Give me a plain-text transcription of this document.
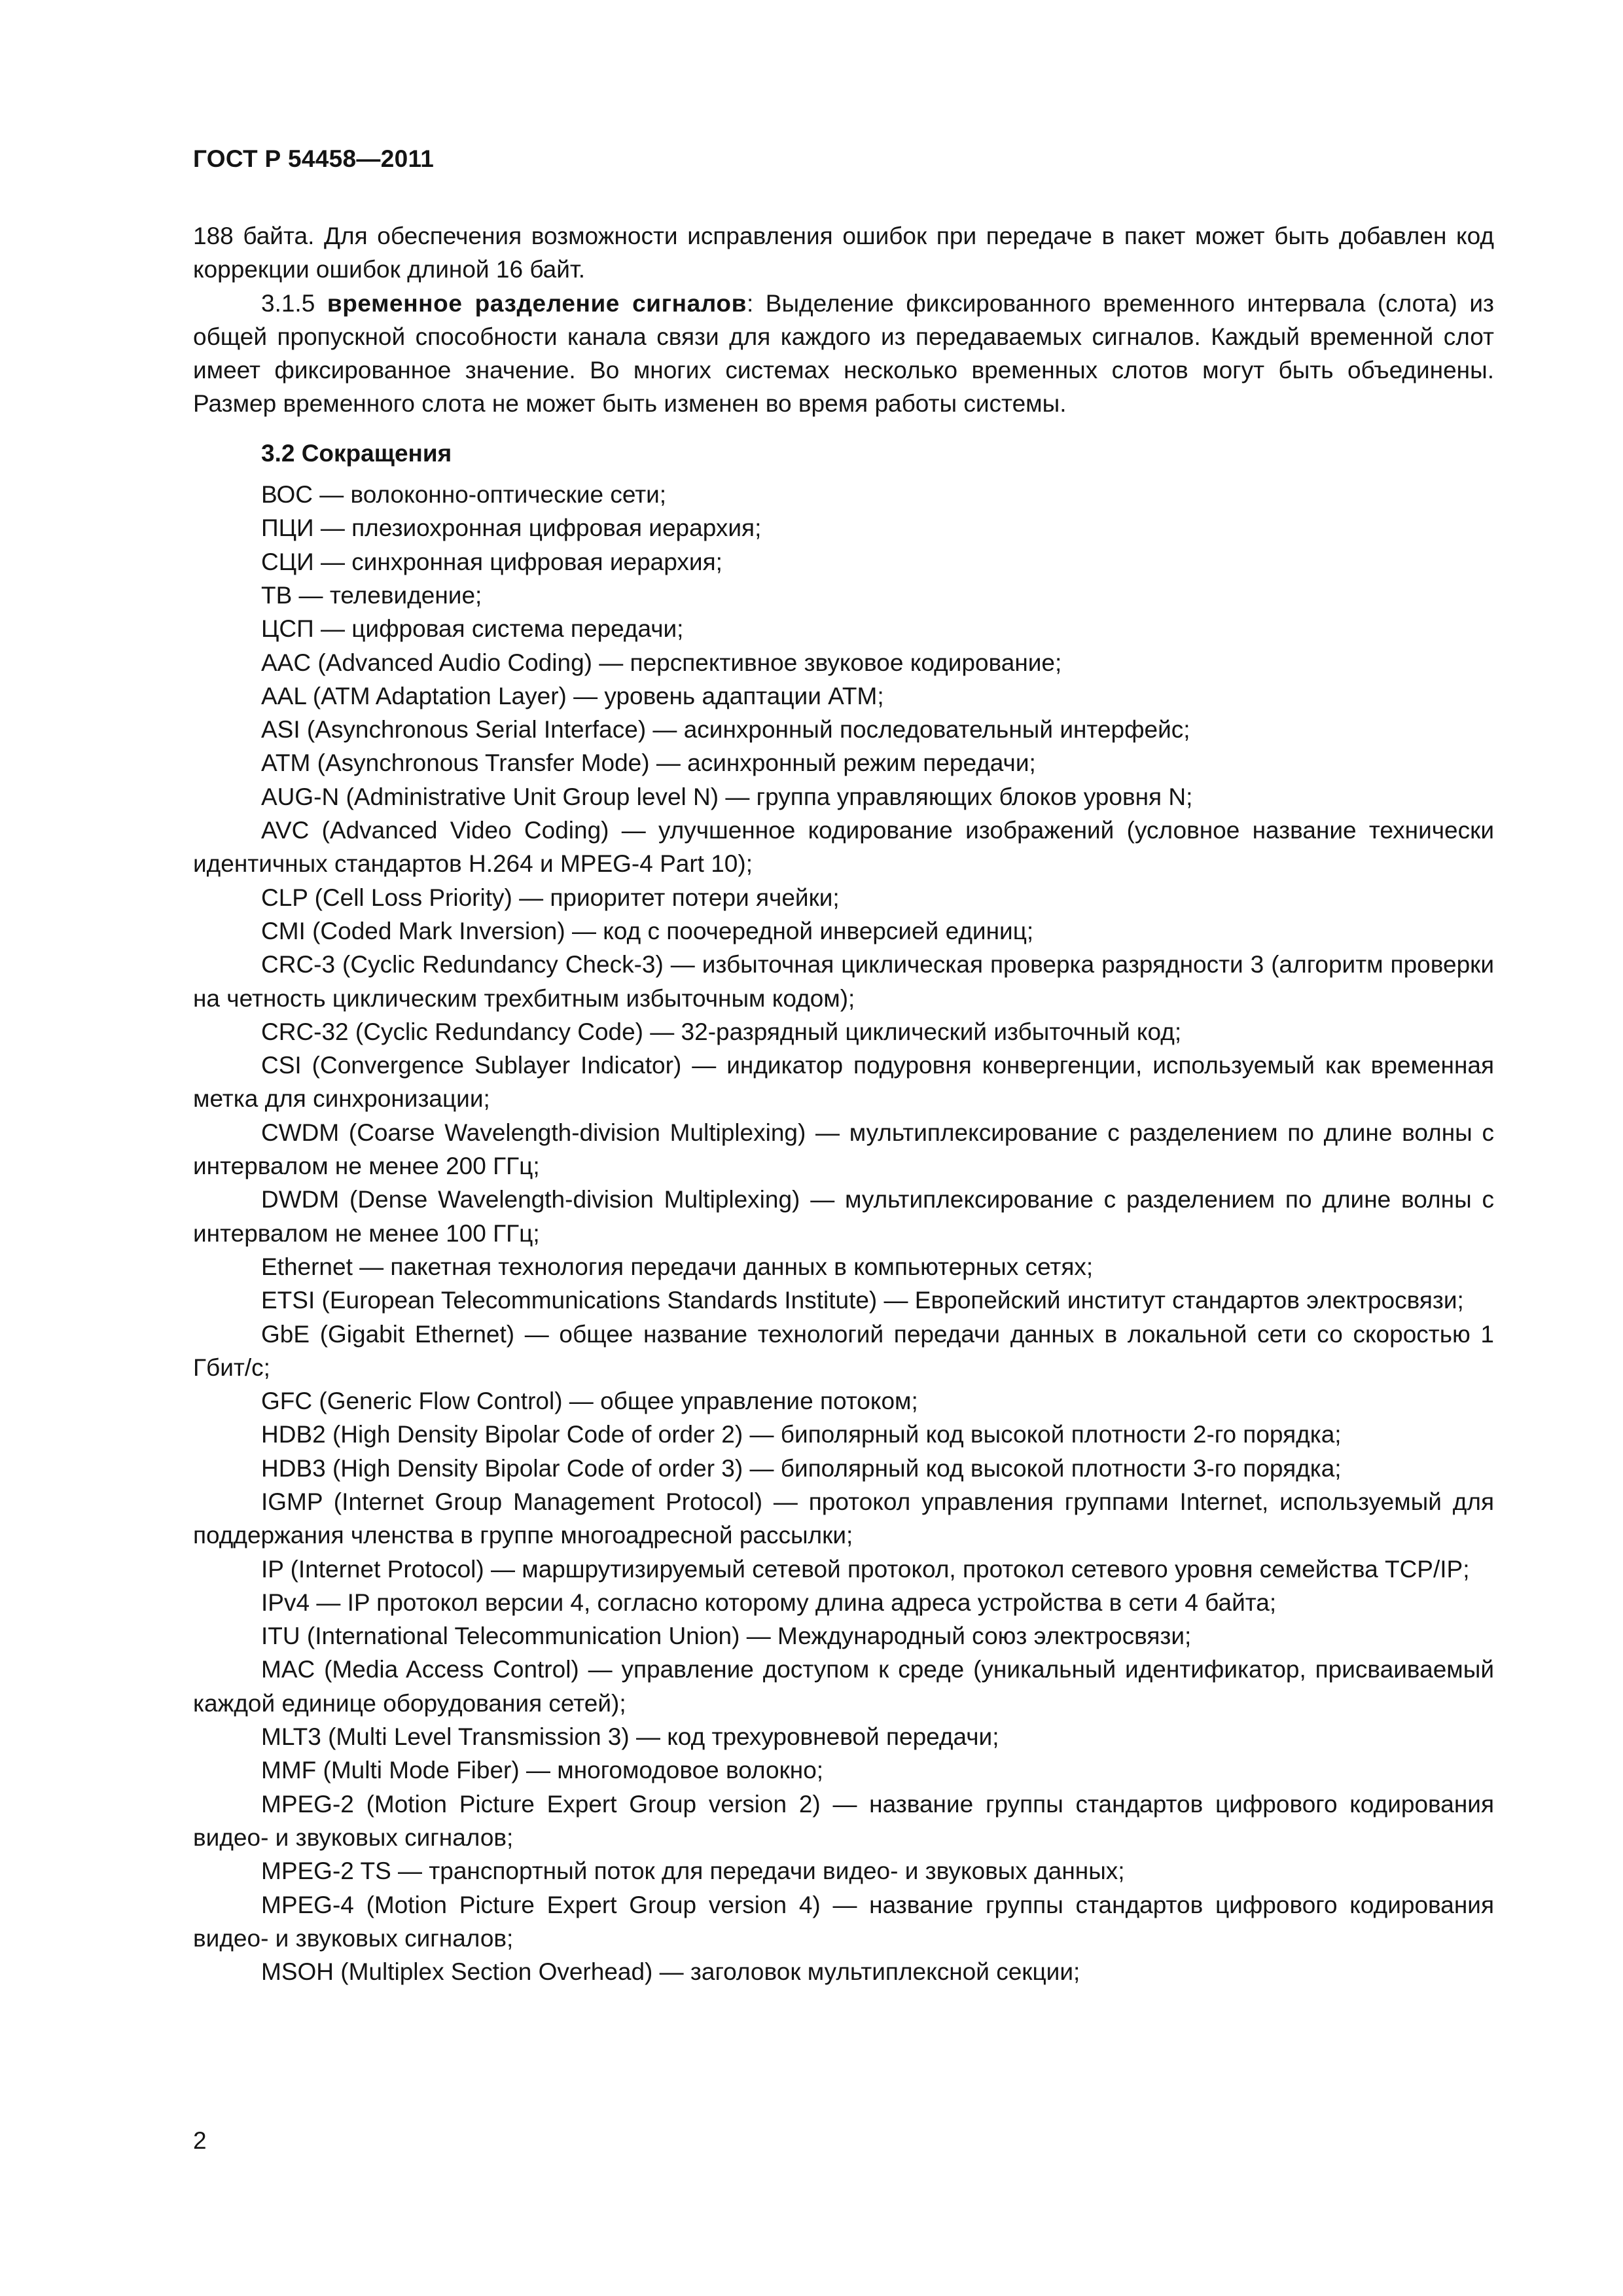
ГОСТ Р 54458—2011

188 байта. Для обеспечения возможности исправления ошибок при передаче в пакет может быть добавлен код коррекции ошибок длиной 16 байт.

3.1.5 временное разделение сигналов: Выделение фиксированного временного интервала (слота) из общей пропускной способности канала связи для каждого из передаваемых сигналов. Каждый временной слот имеет фиксированное значение. Во многих системах несколько временных слотов могут быть объединены. Размер временного слота не может быть изменен во время работы системы.

3.2 Сокращения

ВОС — волоконно-оптические сети;

ПЦИ — плезиохронная цифровая иерархия;

СЦИ — синхронная цифровая иерархия;

ТВ — телевидение;

ЦСП — цифровая система передачи;

AAC (Advanced Audio Coding) — перспективное звуковое кодирование;

AAL (ATM Adaptation Layer) — уровень адаптации АТМ;

ASI (Asynchronous Serial Interface) — асинхронный последовательный интерфейс;

ATM (Asynchronous Transfer Mode) — асинхронный режим передачи;

AUG-N (Administrative Unit Group level N) — группа управляющих блоков уровня N;

AVC (Advanced Video Coding) — улучшенное кодирование изображений (условное название технически идентичных стандартов H.264 и MPEG-4 Part 10);

CLP (Cell Loss Priority) — приоритет потери ячейки;

CMI (Coded Mark Inversion) — код с поочередной инверсией единиц;

CRC-3 (Cyclic Redundancy Check-3) — избыточная циклическая проверка разрядности 3 (алгоритм проверки на четность циклическим трехбитным избыточным кодом);

CRC-32 (Cyclic Redundancy Code) — 32-разрядный циклический избыточный код;

CSI (Convergence Sublayer Indicator) — индикатор подуровня конвергенции, используемый как временная метка для синхронизации;

CWDM (Coarse Wavelength-division Multiplexing) — мультиплексирование с разделением по длине волны с интервалом не менее 200 ГГц;

DWDM (Dense Wavelength-division Multiplexing) — мультиплексирование с разделением по длине волны с интервалом не менее 100 ГГц;

Ethernet — пакетная технология передачи данных в компьютерных сетях;

ETSI (European Telecommunications Standards Institute) — Европейский институт стандартов электросвязи;

GbE (Gigabit Ethernet) — общее название технологий передачи данных в локальной сети со скоростью 1 Гбит/с;

GFC (Generic Flow Control) — общее управление потоком;

HDB2 (High Density Bipolar Code of order 2) — биполярный код высокой плотности 2-го порядка;

HDB3 (High Density Bipolar Code of order 3) — биполярный код высокой плотности 3-го порядка;

IGMP (Internet Group Management Protocol) — протокол управления группами Internet, используемый для поддержания членства в группе многоадресной рассылки;

IP (Internet Protocol) — маршрутизируемый сетевой протокол, протокол сетевого уровня семейства TCP/IP;

IPv4 — IP протокол версии 4, согласно которому длина адреса устройства в сети 4 байта;

ITU (International Telecommunication Union) — Международный союз электросвязи;

MAC (Media Access Control) — управление доступом к среде (уникальный идентификатор, присваиваемый каждой единице оборудования сетей);

MLT3 (Multi Level Transmission 3) — код трехуровневой передачи;

MMF (Multi Mode Fiber) — многомодовое волокно;

MPEG-2 (Motion Picture Expert Group version 2) — название группы стандартов цифрового кодирования видео- и звуковых сигналов;

MPEG-2 TS — транспортный поток для передачи видео- и звуковых данных;

MPEG-4 (Motion Picture Expert Group version 4) — название группы стандартов цифрового кодирования видео- и звуковых сигналов;

MSOH (Multiplex Section Overhead) — заголовок мультиплексной секции;

2
